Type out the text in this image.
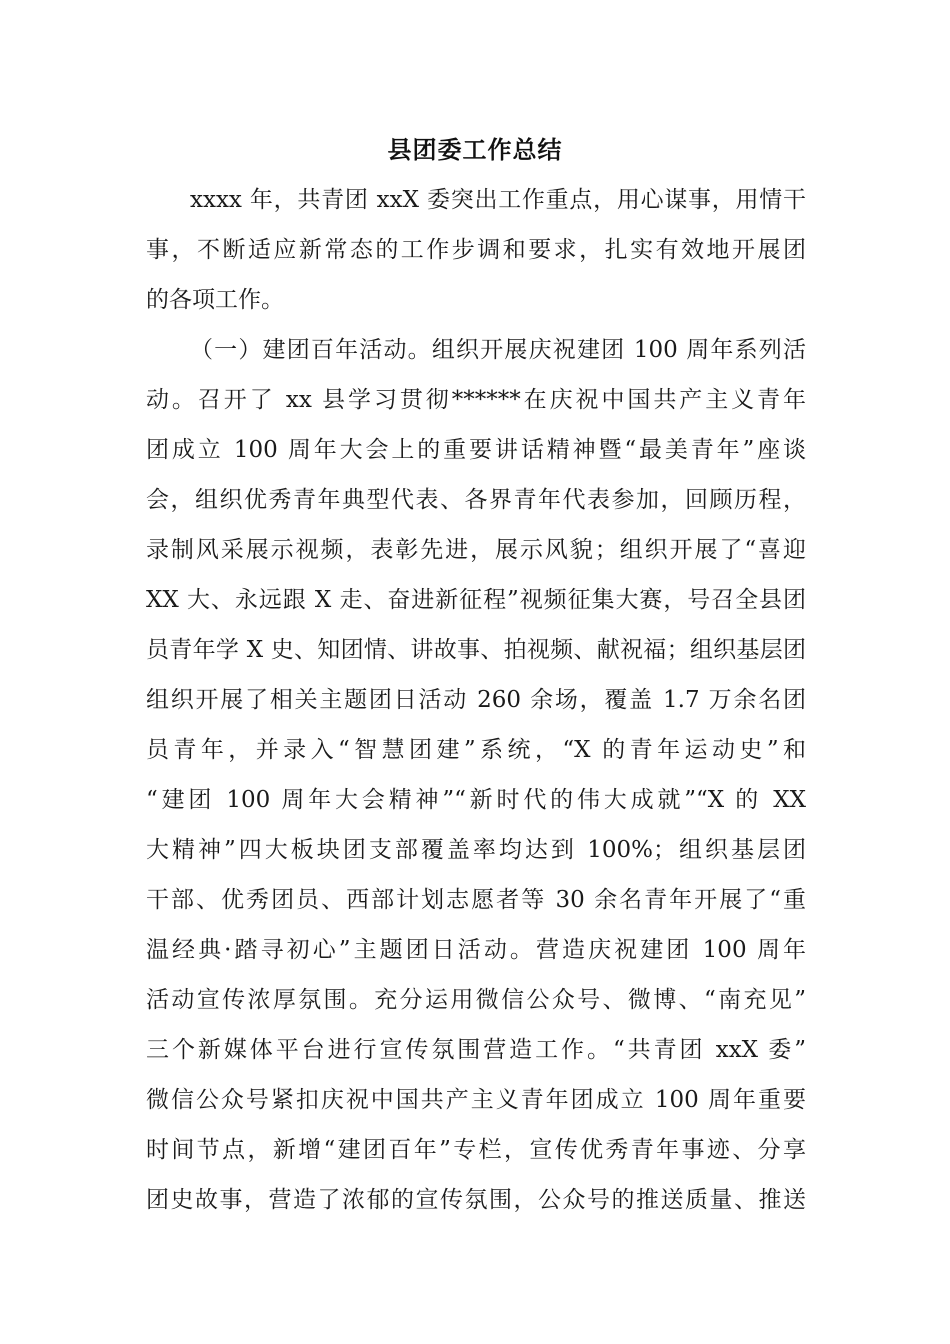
县团委工作总结
xxxx 年，共青团 xxX 委突出工作重点，用心谋事，用情干
事，不断适应新常态的工作步调和要求，扎实有效地开展团
的各项工作。
（一）建团百年活动。组织开展庆祝建团 100 周年系列活
动。召开了 xx 县学习贯彻******在庆祝中国共产主义青年
团成立 100 周年大会上的重要讲话精神暨“最美青年”座谈
会，组织优秀青年典型代表、各界青年代表参加，回顾历程，
录制风采展示视频，表彰先进，展示风貌；组织开展了“喜迎
XX 大、永远跟 X 走、奋进新征程”视频征集大赛，号召全县团
员青年学 X 史、知团情、讲故事、拍视频、献祝福；组织基层团
组织开展了相关主题团日活动 260 余场，覆盖 1.7 万余名团
员青年，并录入“智慧团建”系统，“X 的青年运动史”和
“建团 100 周年大会精神”“新时代的伟大成就”“X 的 XX
大精神”四大板块团支部覆盖率均达到 100%；组织基层团
干部、优秀团员、西部计划志愿者等 30 余名青年开展了“重
温经典·踏寻初心”主题团日活动。营造庆祝建团 100 周年
活动宣传浓厚氛围。充分运用微信公众号、微博、“南充见”
三个新媒体平台进行宣传氛围营造工作。“共青团 xxX 委”
微信公众号紧扣庆祝中国共产主义青年团成立 100 周年重要
时间节点，新增“建团百年”专栏，宣传优秀青年事迹、分享
团史故事，营造了浓郁的宣传氛围，公众号的推送质量、推送
